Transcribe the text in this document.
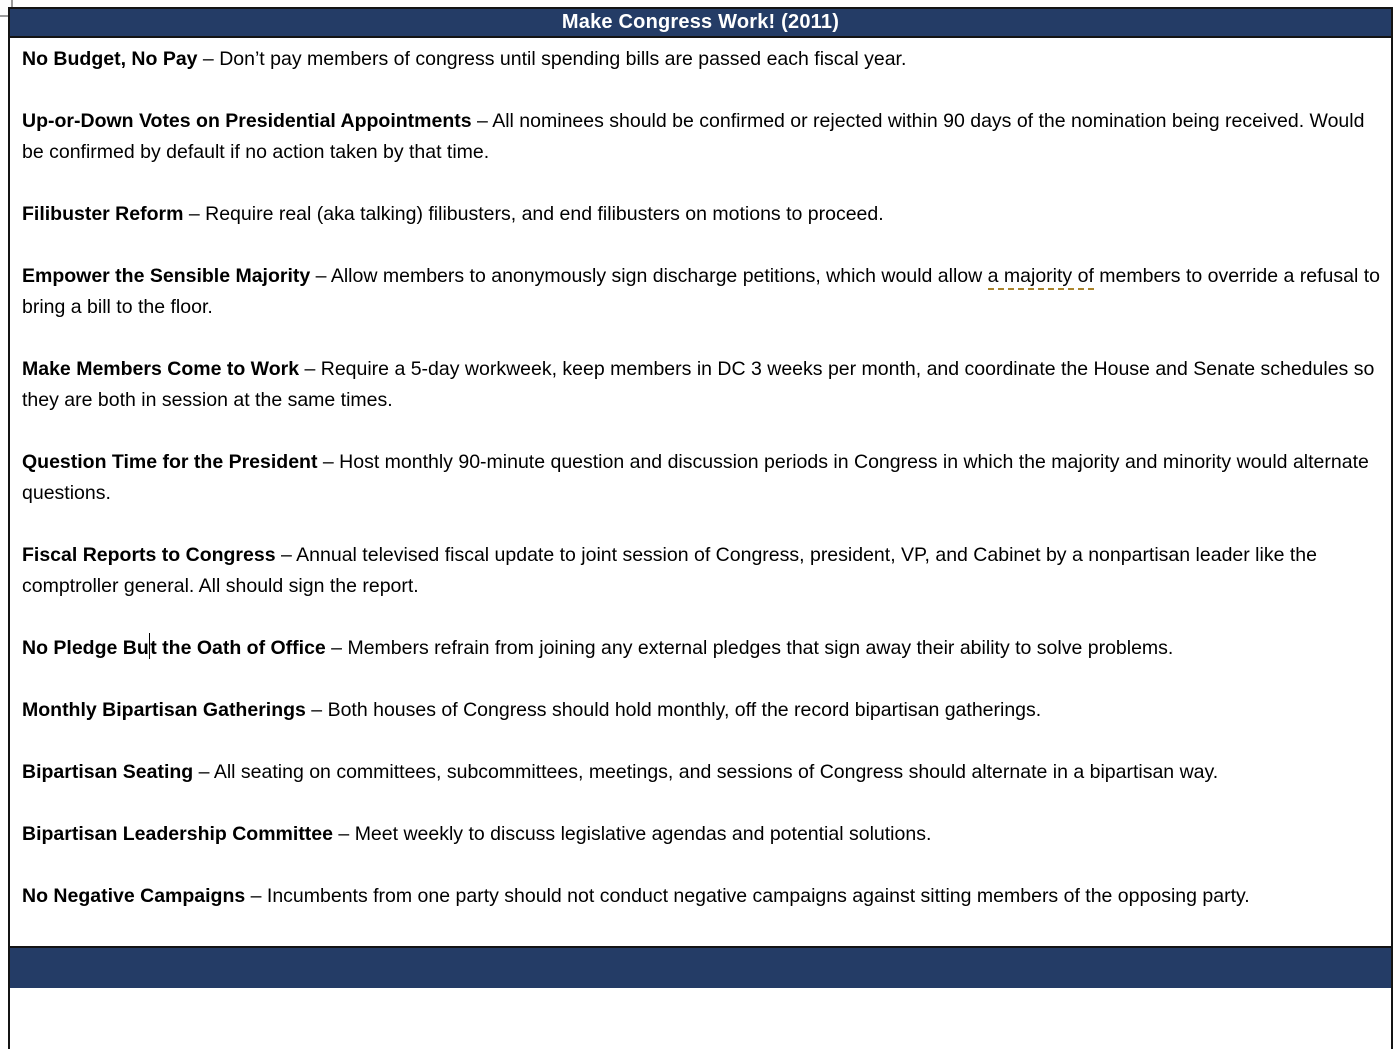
Make Congress Work! (2011)

No Budget, No Pay – Don’t pay members of congress until spending bills are passed each fiscal year.

Up-or-Down Votes on Presidential Appointments – All nominees should be confirmed or rejected within 90 days of the nomination being received. Would be confirmed by default if no action taken by that time.

Filibuster Reform – Require real (aka talking) filibusters, and end filibusters on motions to proceed.

Empower the Sensible Majority – Allow members to anonymously sign discharge petitions, which would allow a majority of members to override a refusal to bring a bill to the floor.

Make Members Come to Work – Require a 5-day workweek, keep members in DC 3 weeks per month, and coordinate the House and Senate schedules so they are both in session at the same times.

Question Time for the President – Host monthly 90-minute question and discussion periods in Congress in which the majority and minority would alternate questions.

Fiscal Reports to Congress – Annual televised fiscal update to joint session of Congress, president, VP, and Cabinet by a nonpartisan leader like the comptroller general. All should sign the report.

No Pledge But the Oath of Office – Members refrain from joining any external pledges that sign away their ability to solve problems.

Monthly Bipartisan Gatherings – Both houses of Congress should hold monthly, off the record bipartisan gatherings.

Bipartisan Seating – All seating on committees, subcommittees, meetings, and sessions of Congress should alternate in a bipartisan way.

Bipartisan Leadership Committee – Meet weekly to discuss legislative agendas and potential solutions.

No Negative Campaigns – Incumbents from one party should not conduct negative campaigns against sitting members of the opposing party.
